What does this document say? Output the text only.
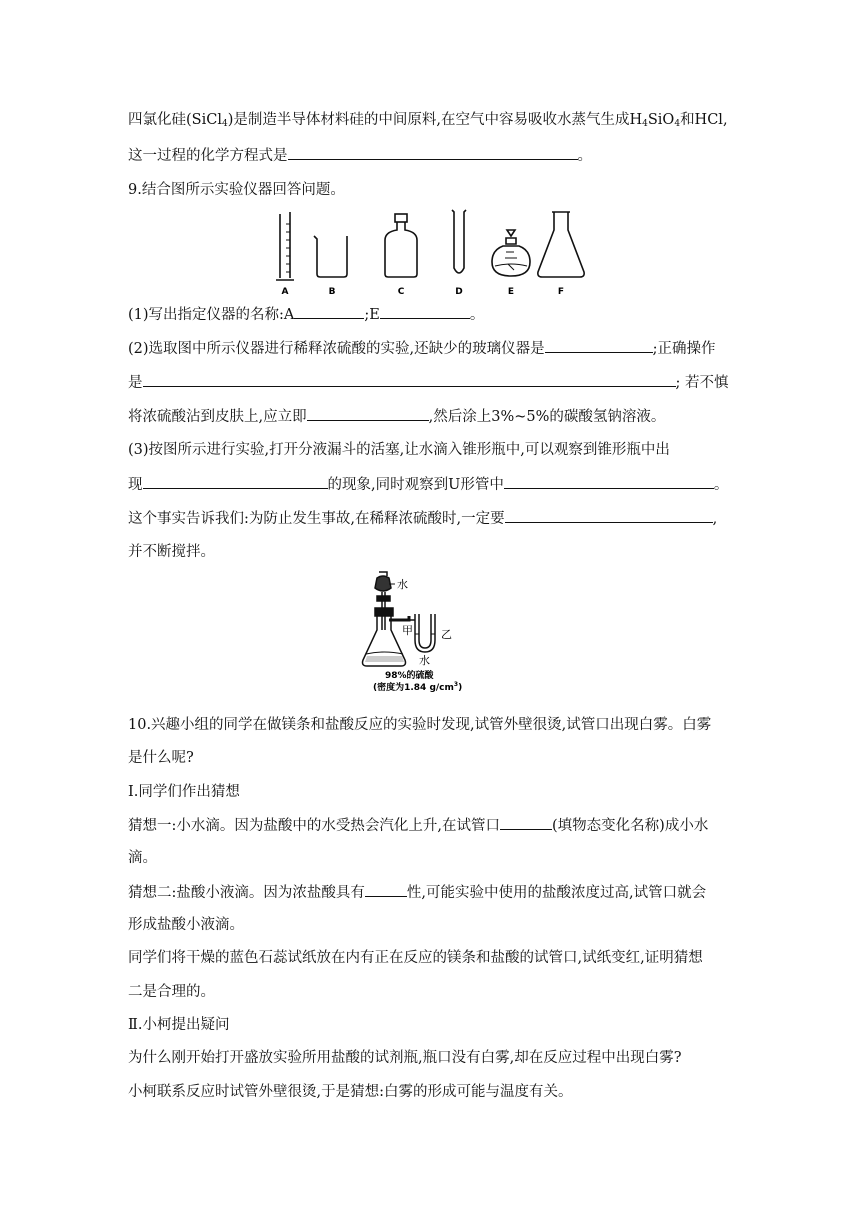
四氯化硅(SiCl$_4$)是制造半导体材料硅的中间原料,在空气中容易吸收水蒸气生成$H_4SiO_4$和HCl,
这一过程的化学方程式是	。
9.结合图所示实验仪器回答问题。
A	B	C	D	E	F
(1)写出指定仪器的名称:A	;E	。
(2)选取图中所示仪器进行稀释浓硫酸的实验,还缺少的玻璃仪器是	;正确操作
是	; 若不慎
将浓硫酸沾到皮肤上,应立即	,然后涂上3%~5%的碳酸氢钠溶液。
(3)按图所示进行实验,打开分液漏斗的活塞,让水滴入锥形瓶中,可以观察到锥形瓶中出
现	的现象,同时观察到U形管中	。
这个事实告诉我们:为防止发生事故,在稀释浓硫酸时,一定要	,
并不断搅拌。
水
甲	乙
水
98%的硫酸
(密度为1.84 $g/cm^3$)
10.兴趣小组的同学在做镁条和盐酸反应的实验时发现,试管外壁很烫,试管口出现白雾。白雾
是什么呢?
Ⅰ.同学们作出猜想
猜想一:小水滴。因为盐酸中的水受热会汽化上升,在试管口	(填物态变化名称)成小水
滴。
猜想二:盐酸小液滴。因为浓盐酸具有	性,可能实验中使用的盐酸浓度过高,试管口就会
形成盐酸小液滴。
同学们将干燥的蓝色石蕊试纸放在内有正在反应的镁条和盐酸的试管口,试纸变红,证明猜想
二是合理的。
Ⅱ.小柯提出疑问
为什么刚开始打开盛放实验所用盐酸的试剂瓶,瓶口没有白雾,却在反应过程中出现白雾?
小柯联系反应时试管外壁很烫,于是猜想:白雾的形成可能与温度有关。
